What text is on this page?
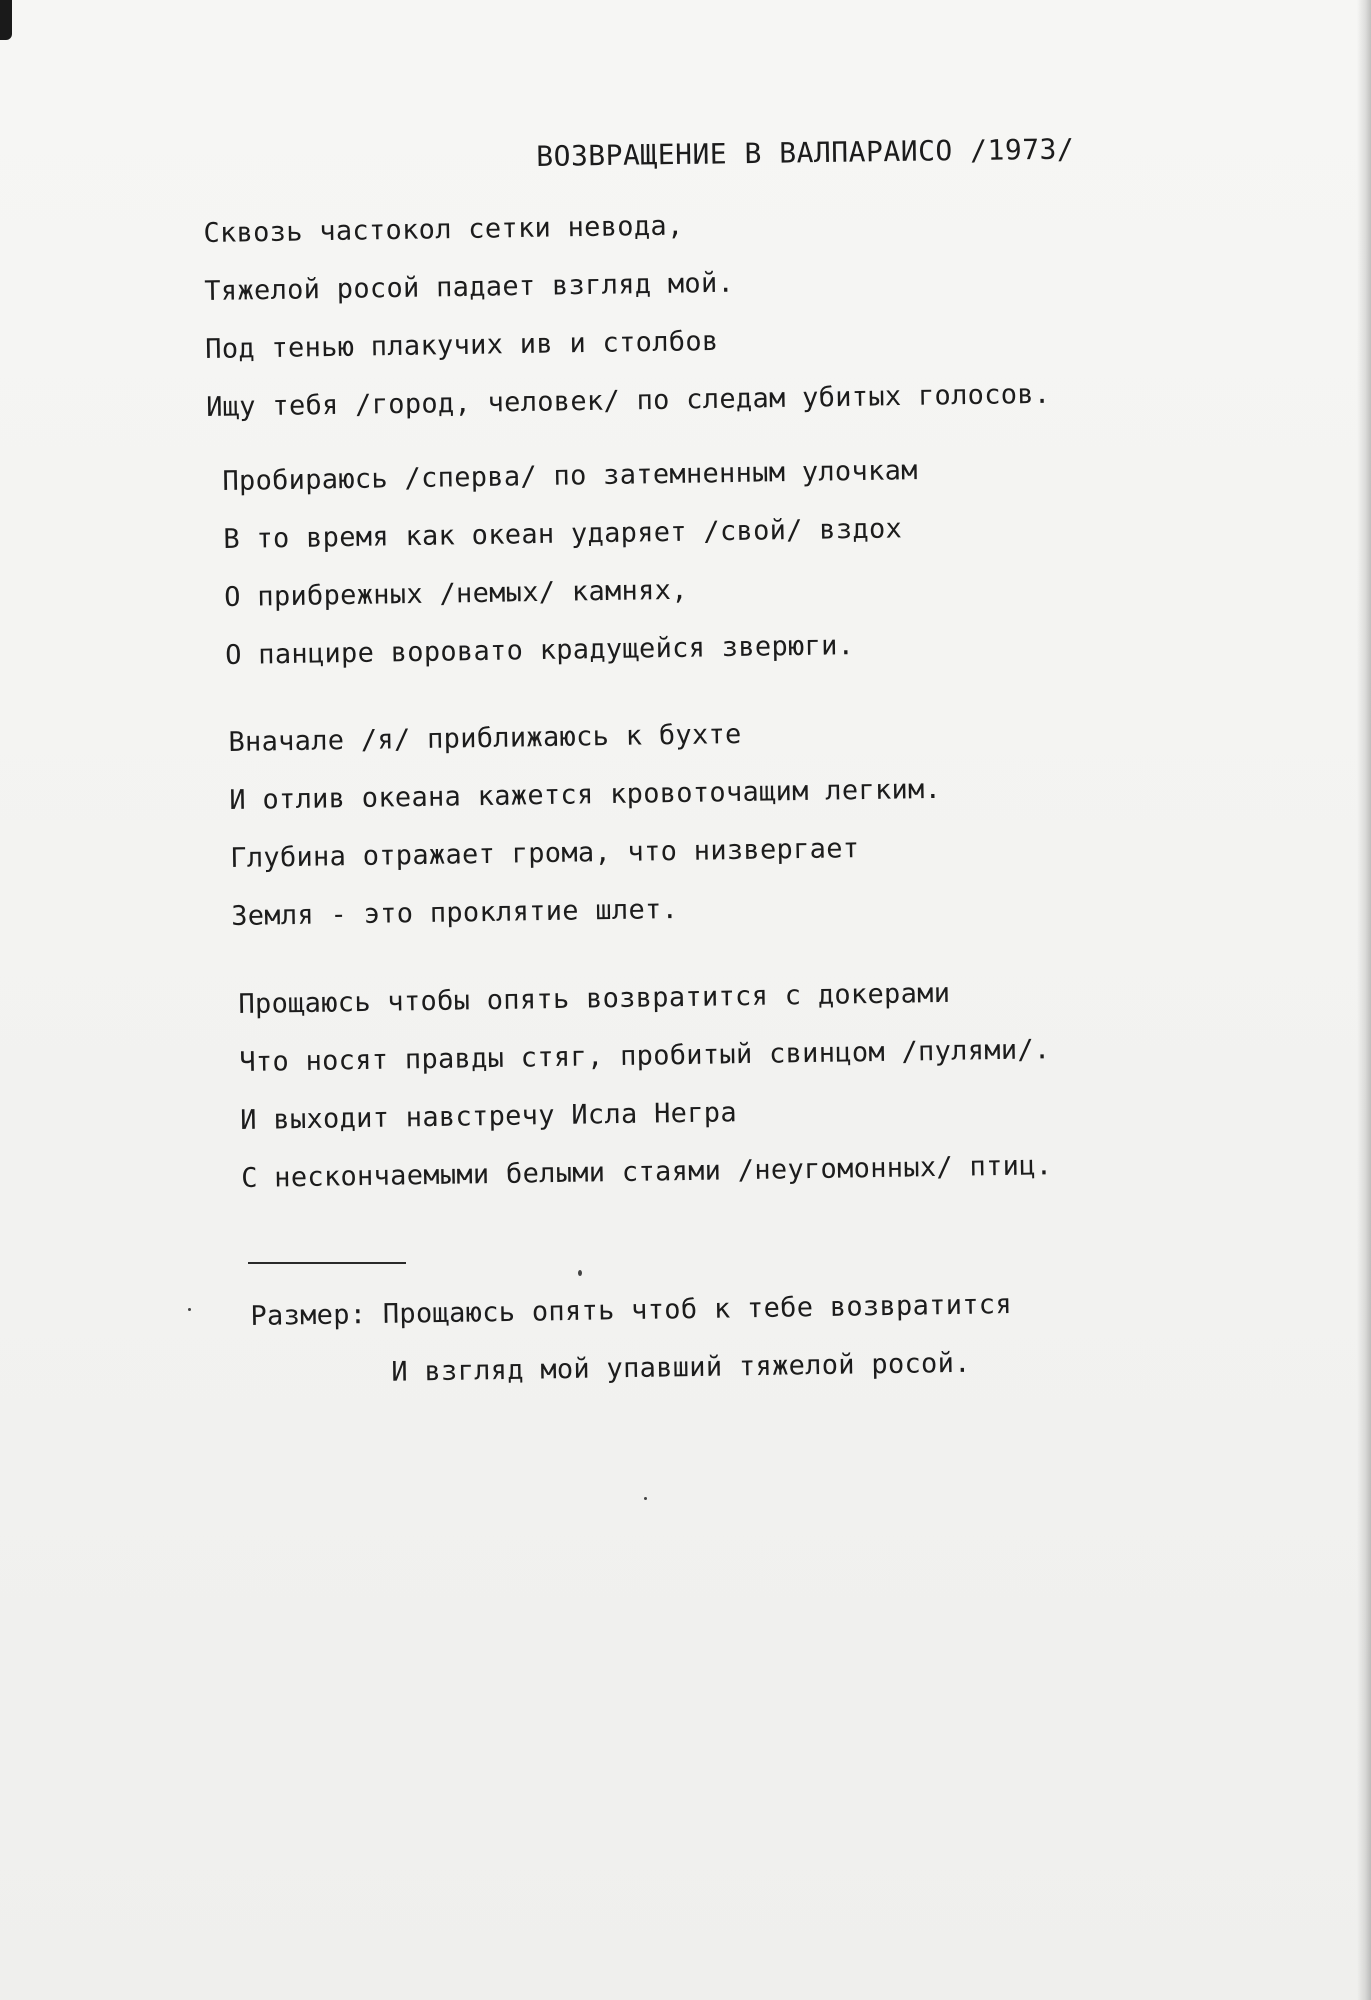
ВОЗВРАЩЕНИЕ В ВАЛПАРАИСО /1973/
Сквозь частокол сетки невода,
Тяжелой росой падает взгляд мой.
Под тенью плакучих ив и столбов
Ищу тебя /город, человек/ по следам убитых голосов.
Пробираюсь /сперва/ по затемненным улочкам
В то время как океан ударяет /свой/ вздох
О прибрежных /немых/ камнях,
О панцире воровато крадущейся зверюги.
Вначале /я/ приближаюсь к бухте
И отлив океана кажется кровоточащим легким.
Глубина отражает грома, что низвергает
Земля - это проклятие шлет.
Прощаюсь чтобы опять возвратится с докерами
Что носят правды стяг, пробитый свинцом /пулями/.
И выходит навстречу Исла Негра
С нескончаемыми белыми стаями /неугомонных/ птиц.
Размер: Прощаюсь опять чтоб к тебе возвратится
И взгляд мой упавший тяжелой росой.
